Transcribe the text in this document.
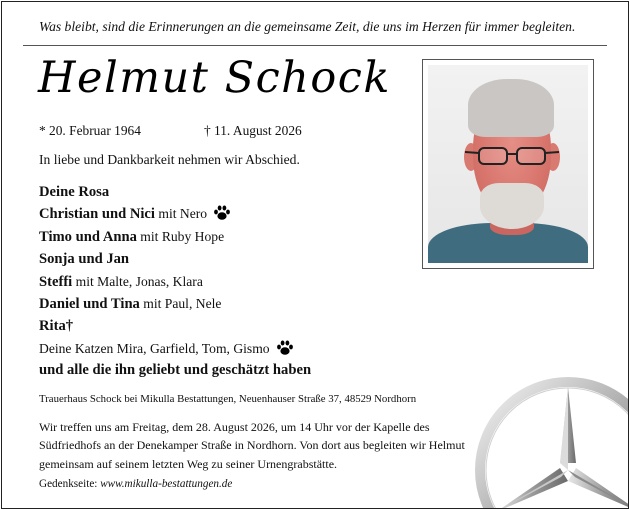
Was bleibt, sind die Erinnerungen an die gemeinsame Zeit, die uns im Herzen für immer begleiten.
Helmut Schock
* 20. Februar 1964	† 11. August 2026
In liebe und Dankbarkeit nehmen wir Abschied.
Deine Rosa
Christian und Nici mit Nero
Timo und Anna mit Ruby Hope
Sonja und Jan
Steffi mit Malte, Jonas, Klara
Daniel und Tina mit Paul, Nele
Rita†
Deine Katzen Mira, Garfield, Tom, Gismo
und alle die ihn geliebt und geschätzt haben
Trauerhaus Schock bei Mikulla Bestattungen, Neuenhauser Straße 37, 48529 Nordhorn
Wir treffen uns am Freitag, dem 28. August 2026, um 14 Uhr vor der Kapelle des Südfriedhofs an der Denekamper Straße in Nordhorn. Von dort aus begleiten wir Helmut gemeinsam auf seinem letzten Weg zu seiner Urnengrabstätte.
Gedenkseite: www.mikulla-bestattungen.de
